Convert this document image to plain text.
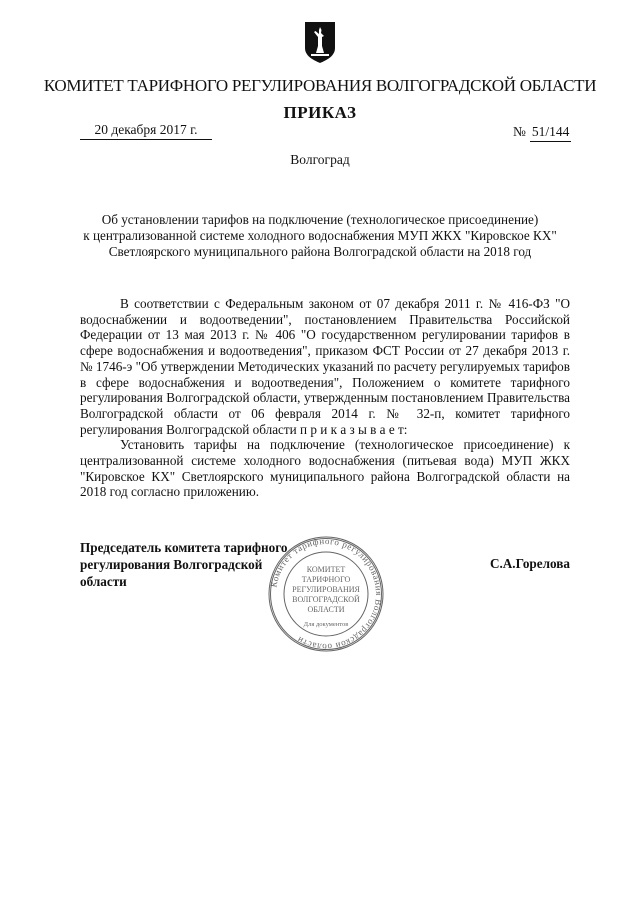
КОМИТЕТ ТАРИФНОГО РЕГУЛИРОВАНИЯ ВОЛГОГРАДСКОЙ ОБЛАСТИ
ПРИКАЗ
20 декабря 2017 г.	№ 51/144
Волгоград
Об установлении тарифов на подключение (технологическое присоединение)
к централизованной системе холодного водоснабжения МУП ЖКХ "Кировское КХ"
Светлоярского муниципального района Волгоградской области на 2018 год

В соответствии с Федеральным законом от 07 декабря 2011 г. № 416-ФЗ "О водоснабжении и водоотведении", постановлением Правительства Российской Федерации от 13 мая 2013 г. № 406 "О государственном регулировании тарифов в сфере водоснабжения и водоотведения", приказом ФСТ России от 27 декабря 2013 г. № 1746-э "Об утверждении Методических указаний по расчету регулируемых тарифов в сфере водоснабжения и водоотведения", Положением о комитете тарифного регулирования Волгоградской области, утвержденным постановлением Правительства Волгоградской области от 06 февраля 2014 г. № 32-п, комитет тарифного регулирования Волгоградской области п р и к а з ы в а е т:

Установить тарифы на подключение (технологическое присоединение) к централизованной системе холодного водоснабжения (питьевая вода) МУП ЖКХ "Кировское КХ" Светлоярского муниципального района Волгоградской области на 2018 год согласно приложению.

Председатель комитета тарифного
регулирования Волгоградской области
С.А.Горелова
Комитет тарифного регулирования Волгоградской области
КОМИТЕТ
ТАРИФНОГО
РЕГУЛИРОВАНИЯ
ВОЛГОГРАДСКОЙ
ОБЛАСТИ
Для документов
